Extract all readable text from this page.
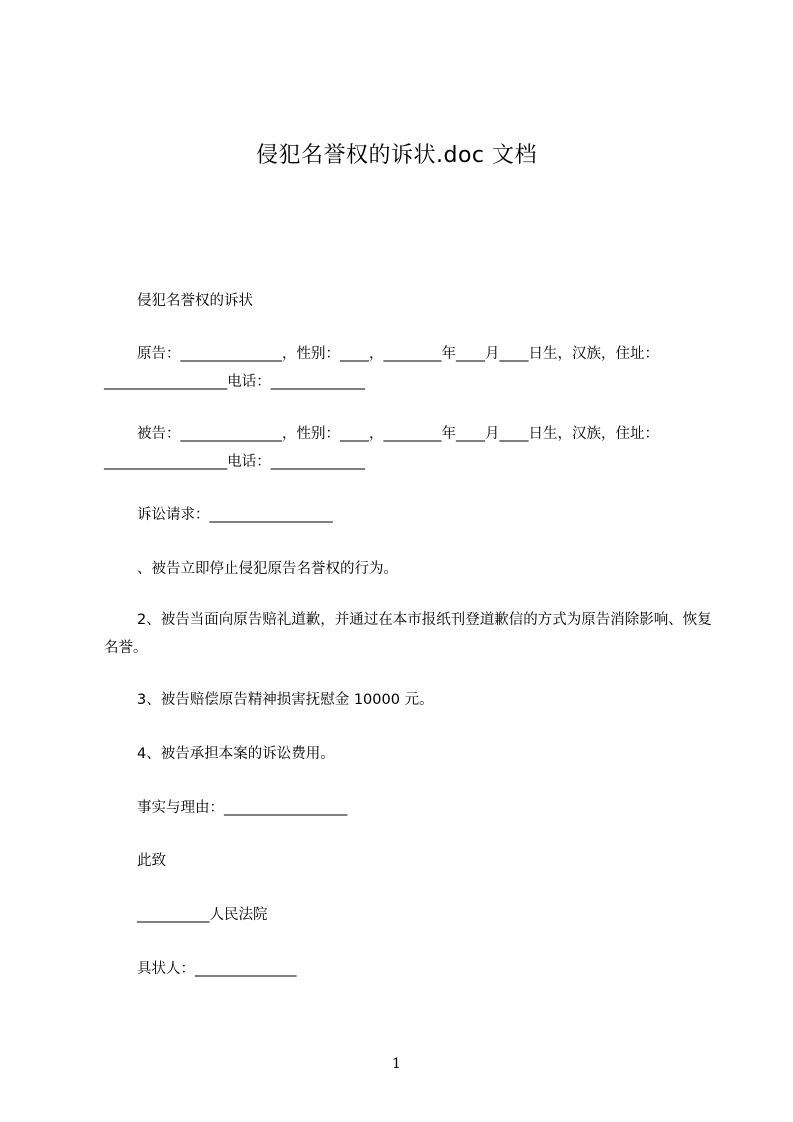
侵犯名誉权的诉状.doc 文档
侵犯名誉权的诉状
原告：______________，性别：____，________年____月____日生，汉族，住址：_________________电话：_____________
被告：______________，性别：____，________年____月____日生，汉族，住址：_________________电话：_____________
诉讼请求：_________________
、被告立即停止侵犯原告名誉权的行为。
2、被告当面向原告赔礼道歉，并通过在本市报纸刊登道歉信的方式为原告消除影响、恢复名誉。
3、被告赔偿原告精神损害抚慰金 10000 元。
4、被告承担本案的诉讼费用。
事实与理由：_________________
此致
__________人民法院
具状人：______________
1
